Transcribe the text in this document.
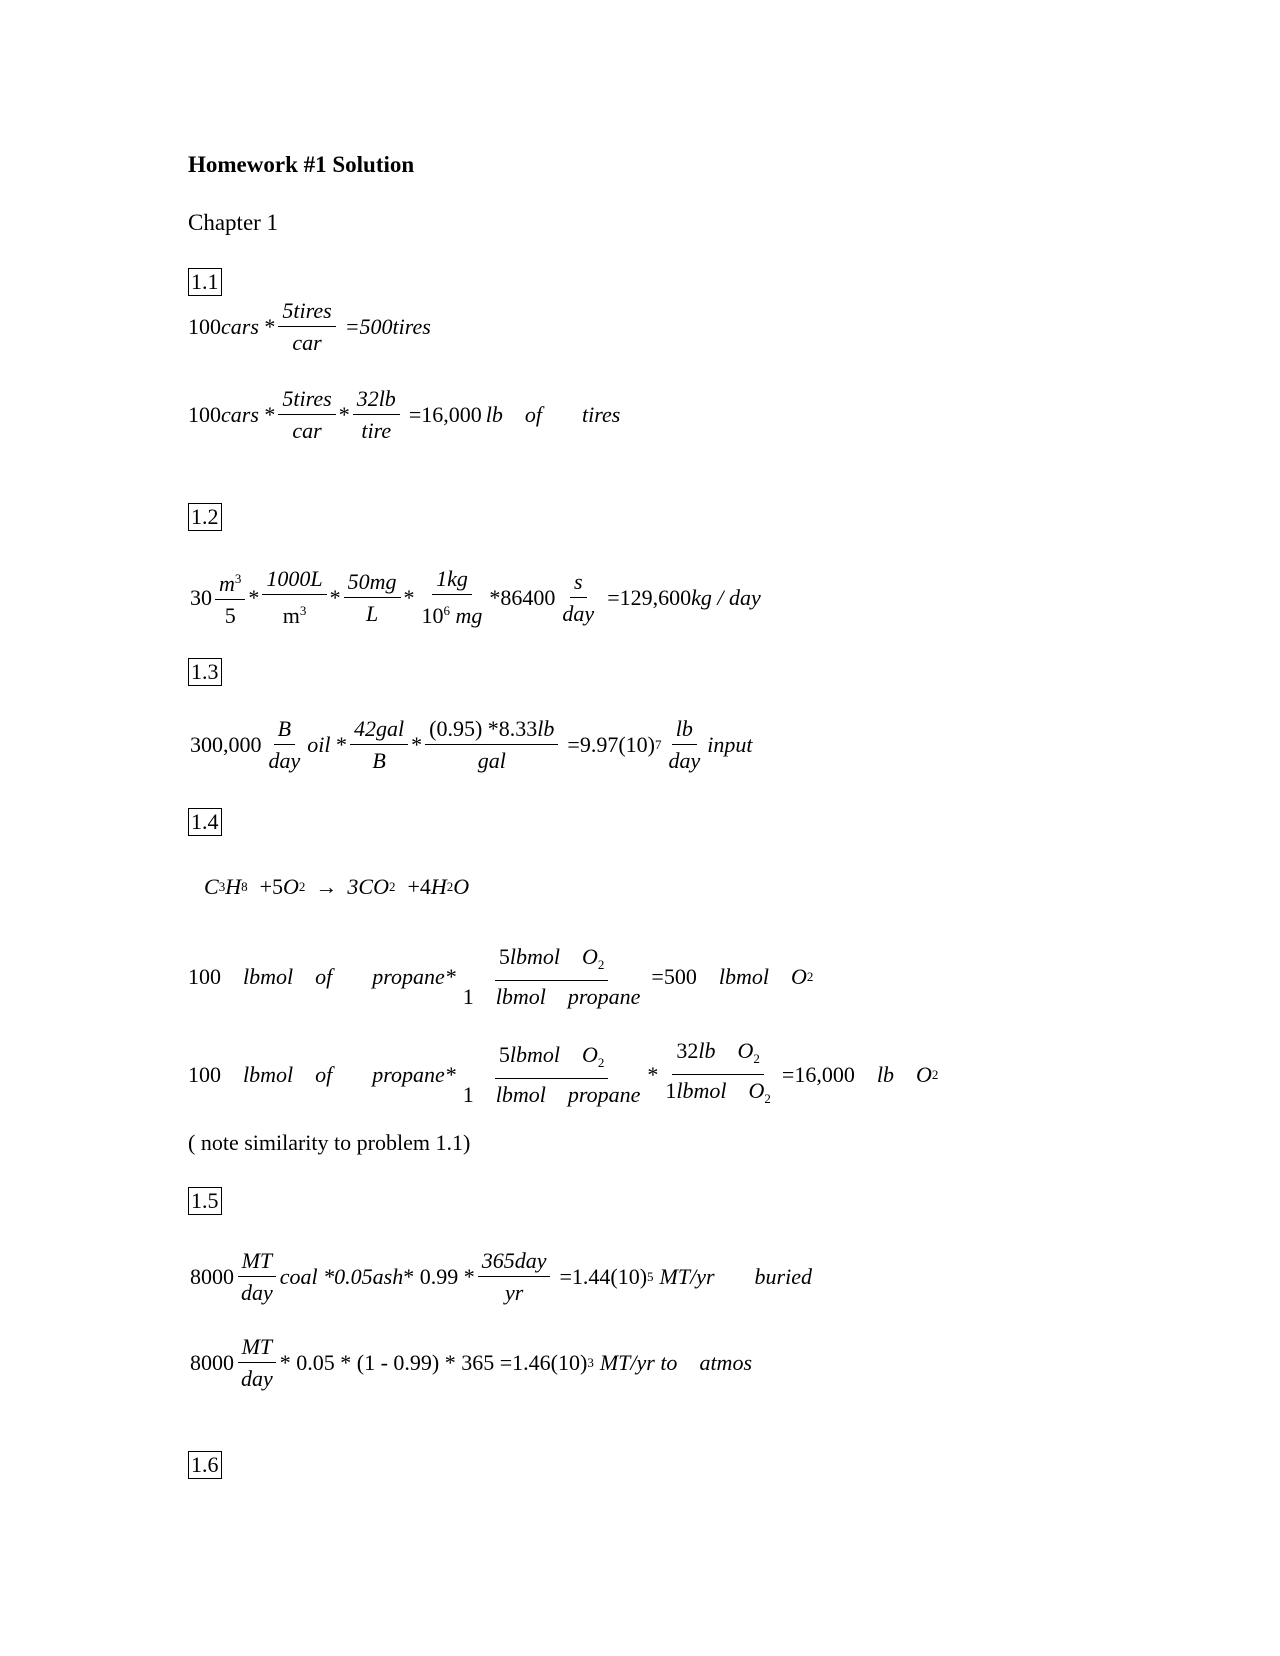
Homework #1 Solution
Chapter 1
1.1
100 cars * $\frac{\text{5tires}}{\text{car}}$ =500tires
100 cars * $\frac{\text{5tires}}{\text{car}} * \frac{32lb}{\text{tire}} =16,000$ lb of tires
1.2
$30 \frac{m^3}{5} * \frac{1000L}{m^3} * \frac{50mg}{L} * \frac{1kg}{10^6 mg} *86400 \frac{s}{\text{day}} =129,600$ kg / day
1.3
$300,000 \frac{B}{\text{day}}$ oil * $\frac{\text{42gal}}{B} * \frac{(0.95) *8.33lb}{\text{gal}} =9.97(10)$ $7 \frac{lb}{\text{day}}$ input
1.4
C 3 H 8 +5 O 2 → 3CO 2 +4 H 2 O
100 lbmol of propane* $\frac{5lbmol O_2}{\text{1 lbmol propane}} =500$ lbmol O 2
100 lbmol of propane* $\frac{5lbmol O_2}{\text{1 lbmol propane}} * \frac{32lb O_2}{1lbmol O_2} =16,000$ lb O 2
( note similarity to problem 1.1)
1.5
$8000 \frac{MT}{\text{day}}$ coal *0.05 ash * $0.99 * \frac{\text{365day}}{yr} =1.44(10)$ 5 MT/yr buried
$8000 \frac{MT}{\text{day}} * 0.05 * (1 - 0.99) * 365 =1.46(10)$ 3 MT/yr to atmos
1.6
